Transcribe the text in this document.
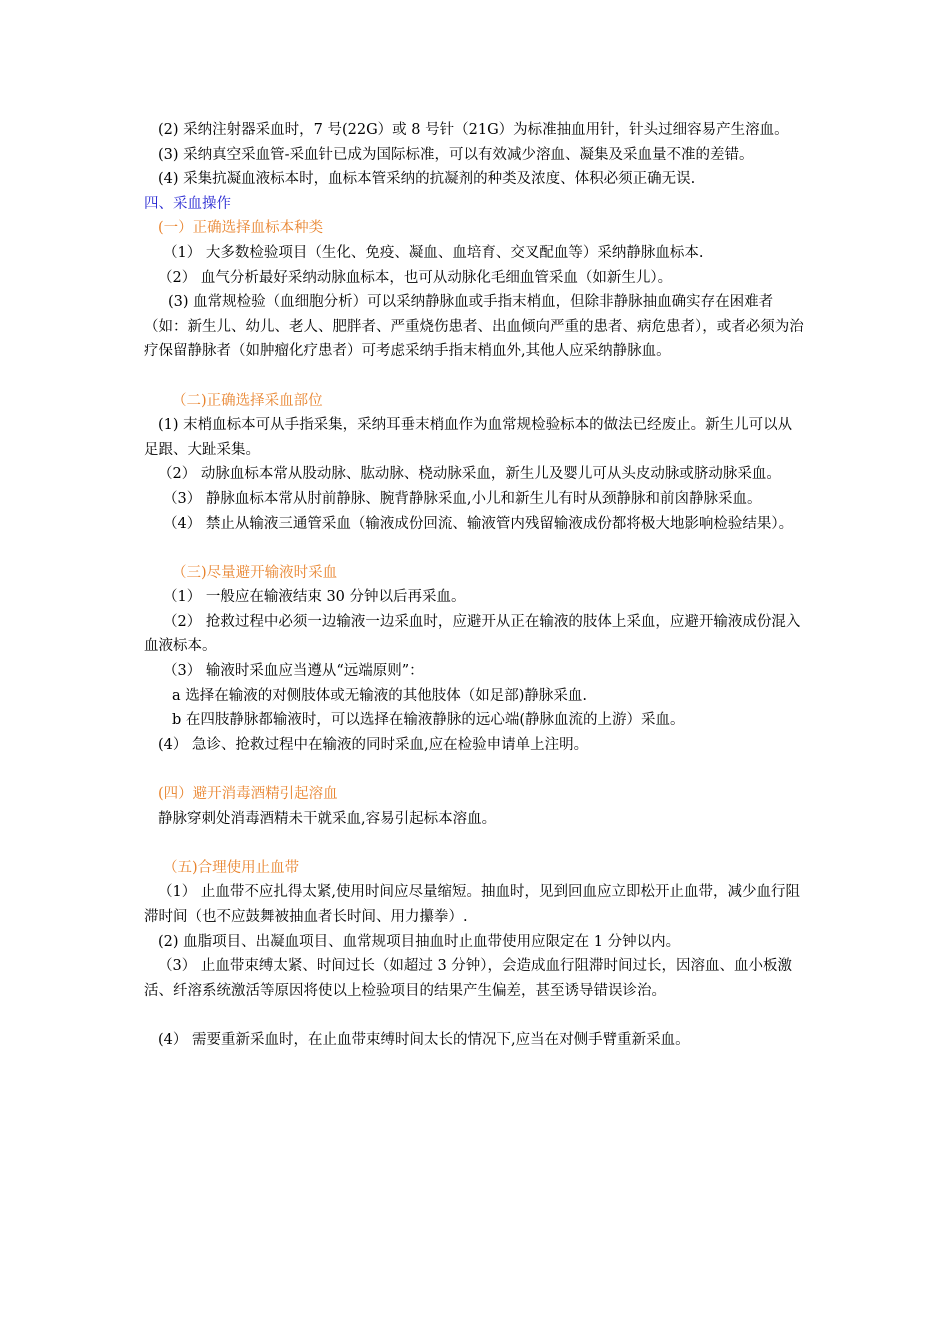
(2) 采纳注射器采血时，7 号(22G）或 8 号针（21G）为标准抽血用针，针头过细容易产生溶血。

(3) 采纳真空采血管-采血针已成为国际标准，可以有效减少溶血、凝集及采血量不准的差错。

(4) 采集抗凝血液标本时，血标本管采纳的抗凝剂的种类及浓度、体积必须正确无误.

四、采血操作

(一）正确选择血标本种类

（1） 大多数检验项目（生化、免疫、凝血、血培育、交叉配血等）采纳静脉血标本.

（2） 血气分析最好采纳动脉血标本，也可从动脉化毛细血管采血（如新生儿）。

(3) 血常规检验（血细胞分析）可以采纳静脉血或手指末梢血，但除非静脉抽血确实存在困难者（如：新生儿、幼儿、老人、肥胖者、严重烧伤患者、出血倾向严重的患者、病危患者），或者必须为治疗保留静脉者（如肿瘤化疗患者）可考虑采纳手指末梢血外,其他人应采纳静脉血。

（二)正确选择采血部位

(1) 末梢血标本可从手指采集，采纳耳垂末梢血作为血常规检验标本的做法已经废止。新生儿可以从足跟、大趾采集。

（2） 动脉血标本常从股动脉、肱动脉、桡动脉采血，新生儿及婴儿可从头皮动脉或脐动脉采血。

（3） 静脉血标本常从肘前静脉、腕背静脉采血,小儿和新生儿有时从颈静脉和前囟静脉采血。

（4） 禁止从输液三通管采血（输液成份回流、输液管内残留输液成份都将极大地影响检验结果）。

（三)尽量避开输液时采血

（1） 一般应在输液结束 30 分钟以后再采血。

（2） 抢救过程中必须一边输液一边采血时，应避开从正在输液的肢体上采血，应避开输液成份混入血液标本。

（3） 输液时采血应当遵从“远端原则”：

a 选择在输液的对侧肢体或无输液的其他肢体（如足部)静脉采血.

b 在四肢静脉都输液时，可以选择在输液静脉的远心端(静脉血流的上游）采血。

(4） 急诊、抢救过程中在输液的同时采血,应在检验申请单上注明。

(四）避开消毒酒精引起溶血

静脉穿刺处消毒酒精未干就采血,容易引起标本溶血。

（五)合理使用止血带

（1） 止血带不应扎得太紧,使用时间应尽量缩短。抽血时，见到回血应立即松开止血带，减少血行阻滞时间（也不应鼓舞被抽血者长时间、用力攥拳）.

(2) 血脂项目、出凝血项目、血常规项目抽血时止血带使用应限定在 1 分钟以内。

（3） 止血带束缚太紧、时间过长（如超过 3 分钟），会造成血行阻滞时间过长，因溶血、血小板激活、纤溶系统激活等原因将使以上检验项目的结果产生偏差，甚至诱导错误诊治。

(4） 需要重新采血时，在止血带束缚时间太长的情况下,应当在对侧手臂重新采血。
